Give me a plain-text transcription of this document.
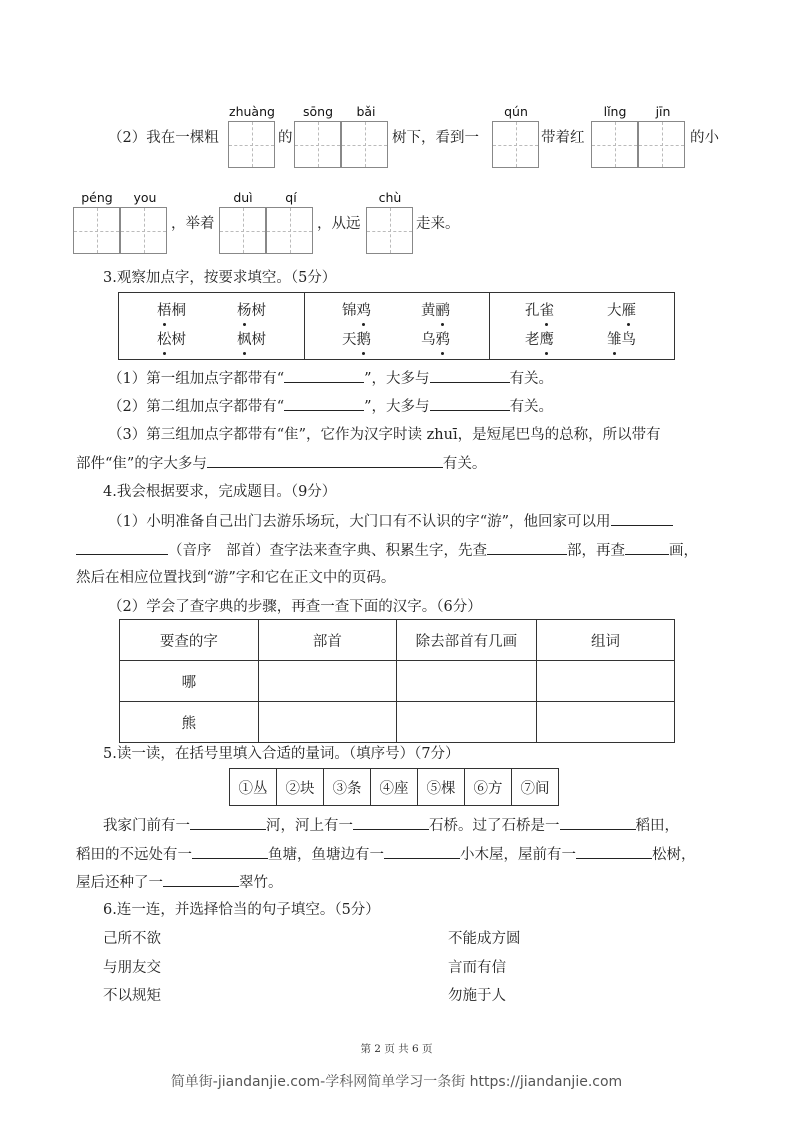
（2）我在一棵粗
zhuàng
的
sōng	bǎi
树下，看到一
qún
带着红
lǐng	jīn
的小
péng	you
，举着
duì	qí
，从远
chù
走来。
3.观察加点字，按要求填空。（5分）
梧桐	杨树
松树	枫树
锦鸡	黄鹂
天鹅	乌鸦
孔雀	大雁
老鹰	雏鸟
（1）第一组加点字都带有“	”，大多与	有关。
（2）第二组加点字都带有“	”，大多与	有关。
（3）第三组加点字都带有“隹”，它作为汉字时读 zhuī，是短尾巴鸟的总称，所以带有
部件“隹”的字大多与	有关。
4.我会根据要求，完成题目。（9分）
（1）小明准备自己出门去游乐场玩，大门口有不认识的字“游”，他回家可以用
（音序　部首）查字法来查字典、积累生字，先查	部，再查	画，
然后在相应位置找到“游”字和它在正文中的页码。
（2）学会了查字典的步骤，再查一查下面的汉字。（6分）
要查的字	部首	除去部首有几画	组词
哪			
熊			
5.读一读，在括号里填入合适的量词。（填序号）（7分）
①丛	②块	③条	④座	⑤棵	⑥方	⑦间
我家门前有一	河，河上有一	石桥。过了石桥是一	稻田，
稻田的不远处有一	鱼塘，鱼塘边有一	小木屋，屋前有一	松树，
屋后还种了一	翠竹。
6.连一连，并选择恰当的句子填空。（5分）
己所不欲
与朋友交
不以规矩
不能成方圆
言而有信
勿施于人
第 2 页 共 6 页
简单街-jiandanjie.com-学科网简单学习一条街 https://jiandanjie.com
